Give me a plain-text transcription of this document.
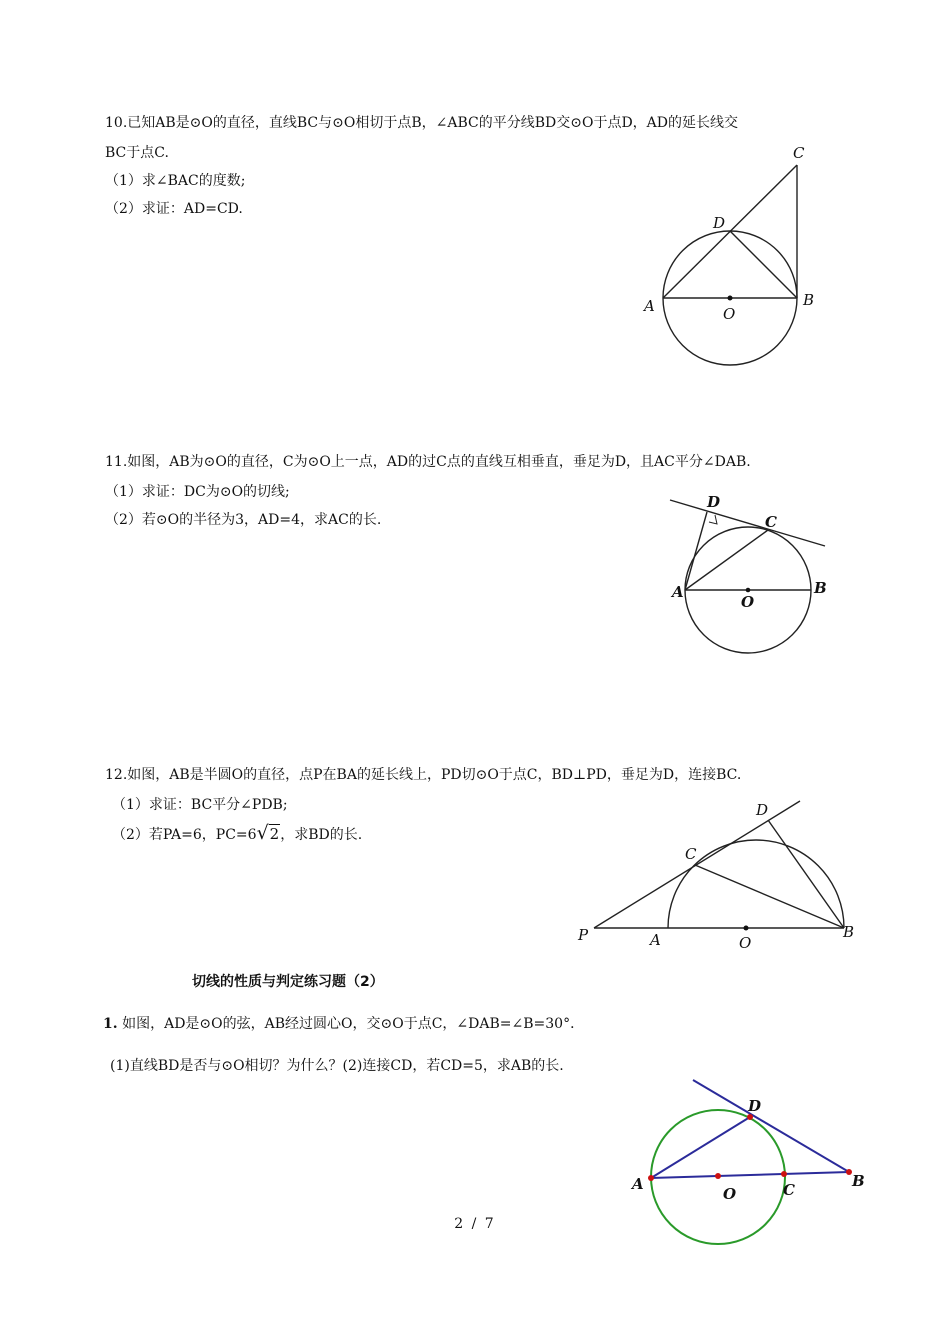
10.已知AB是⊙O的直径，直线BC与⊙O相切于点B，∠ABC的平分线BD交⊙O于点D，AD的延长线交
BC于点C.
（1）求∠BAC的度数;
（2）求证：AD=CD.
C
D
A	B
O
11.如图，AB为⊙O的直径，C为⊙O上一点，AD的过C点的直线互相垂直，垂足为D，且AC平分∠DAB.
（1）求证：DC为⊙O的切线;
（2）若⊙O的半径为3，AD=4，求AC的长.
D
C
A	B
O
12.如图，AB是半圆O的直径，点P在BA的延长线上，PD切⊙O于点C，BD⊥PD，垂足为D，连接BC.
（1）求证：BC平分∠PDB;
（2）若PA=6，PC=6√2，求BD的长.
D
C
P	A	O
B
切线的性质与判定练习题（2）
1. 如图，AD是⊙O的弦，AB经过圆心O，交⊙O于点C，∠DAB=∠B=30°．
(1)直线BD是否与⊙O相切？为什么？(2)连接CD，若CD=5，求AB的长.
D
A
O	C	B
2 / 7
